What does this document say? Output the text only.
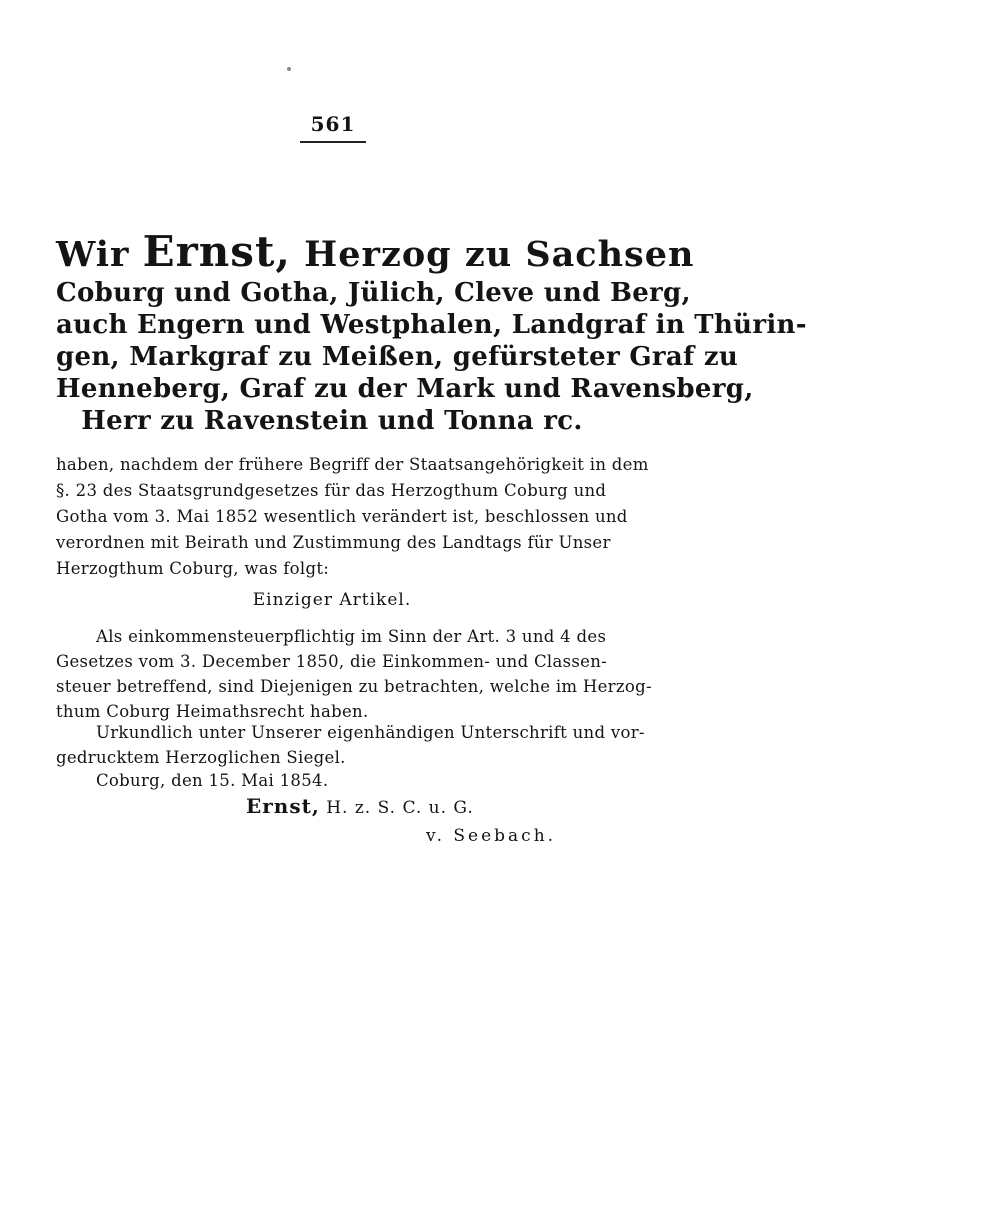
561
Wir Ernst, Herzog zu Sachsen
Coburg und Gotha, Jülich, Cleve und Berg,
auch Engern und Westphalen, Landgraf in Thürin-
gen, Markgraf zu Meißen, gefürsteter Graf zu
Henneberg, Graf zu der Mark und Ravensberg,
Herr zu Ravenstein und Tonna rc.
haben, nachdem der frühere Begriff der Staatsangehörigkeit in dem
§. 23 des Staatsgrundgesetzes für das Herzogthum Coburg und
Gotha vom 3. Mai 1852 wesentlich verändert ist, beschlossen und
verordnen mit Beirath und Zustimmung des Landtags für Unser
Herzogthum Coburg, was folgt:
Einziger Artikel.
Als einkommensteuerpflichtig im Sinn der Art. 3 und 4 des
Gesetzes vom 3. December 1850, die Einkommen- und Classen-
steuer betreffend, sind Diejenigen zu betrachten, welche im Herzog-
thum Coburg Heimathsrecht haben.
Urkundlich unter Unserer eigenhändigen Unterschrift und vor-
gedrucktem Herzoglichen Siegel.
Coburg, den 15. Mai 1854.
Ernst, H. z. S. C. u. G.
v. Seebach.
